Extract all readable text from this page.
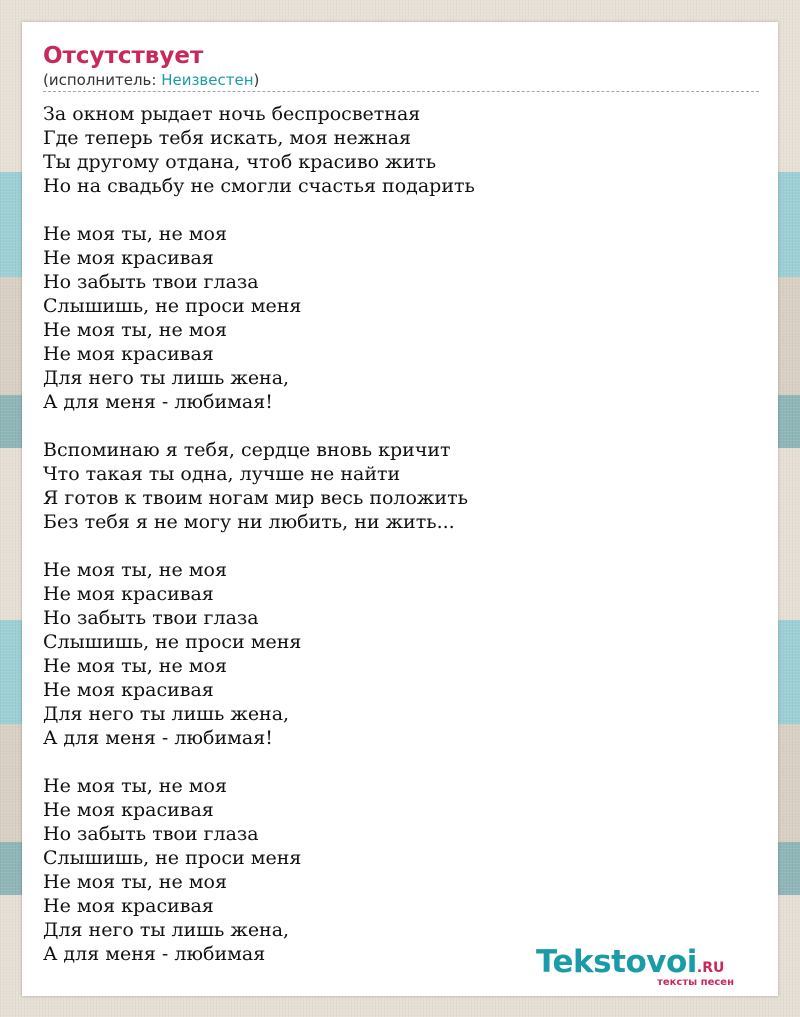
Отсутствует
(исполнитель: Неизвестен)
За окном рыдает ночь беспросветная
Где теперь тебя искать, моя нежная
Ты другому отдана, чтоб красиво жить
Но на свадьбу не смогли счастья подарить
Не моя ты, не моя
Не моя красивая
Но забыть твои глаза
Слышишь, не проси меня
Не моя ты, не моя
Не моя красивая
Для него ты лишь жена,
А для меня - любимая!
Вспоминаю я тебя, сердце вновь кричит
Что такая ты одна, лучше не найти
Я готов к твоим ногам мир весь положить
Без тебя я не могу ни любить, ни жить...
Не моя ты, не моя
Не моя красивая
Но забыть твои глаза
Слышишь, не проси меня
Не моя ты, не моя
Не моя красивая
Для него ты лишь жена,
А для меня - любимая!
Не моя ты, не моя
Не моя красивая
Но забыть твои глаза
Слышишь, не проси меня
Не моя ты, не моя
Не моя красивая
Для него ты лишь жена,
А для меня - любимая	Tekstovoi.RU
тексты песен
